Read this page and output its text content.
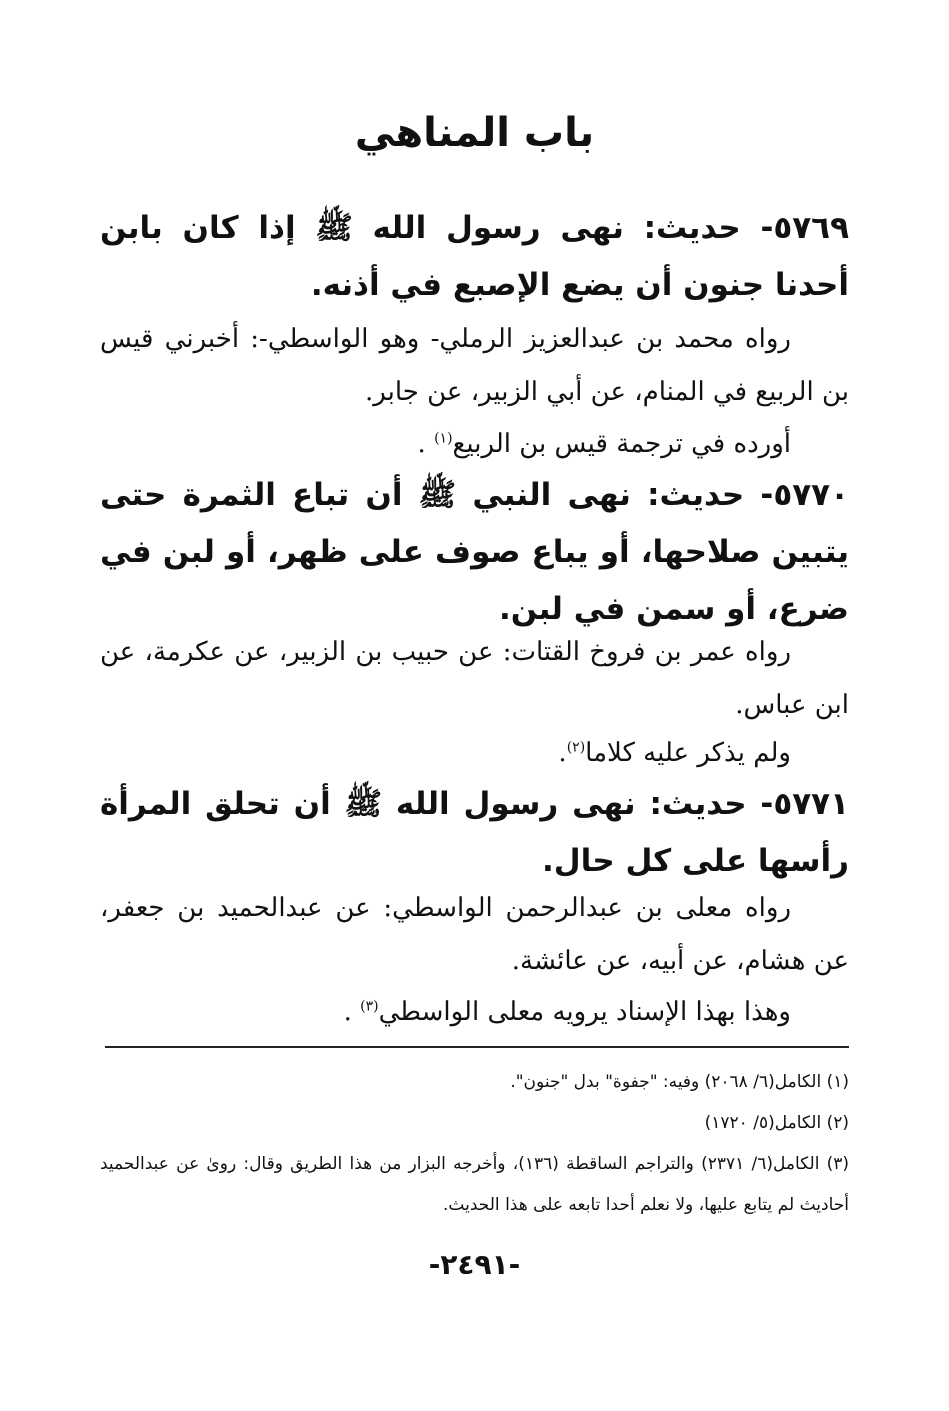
باب المناهي
٥٧٦٩- حديث: نهى رسول الله ﷺ إذا كان بابن أحدنا جنون أن يضع الإصبع في أذنه.
رواه محمد بن عبدالعزيز الرملي- وهو الواسطي-: أخبرني قيس بن الربيع في المنام، عن أبي الزبير، عن جابر.
أورده في ترجمة قيس بن الربيع$^{(١)}$ .
٥٧٧٠- حديث: نهى النبي ﷺ أن تباع الثمرة حتى يتبين صلاحها، أو يباع صوف على ظهر، أو لبن في ضرع، أو سمن في لبن.
رواه عمر بن فروخ القتات: عن حبيب بن الزبير، عن عكرمة، عن ابن عباس.
ولم يذكر عليه كلاما$^{(٢)}$.
٥٧٧١- حديث: نهى رسول الله ﷺ أن تحلق المرأة رأسها على كل حال.
رواه معلى بن عبدالرحمن الواسطي: عن عبدالحميد بن جعفر، عن هشام، عن أبيه، عن عائشة.
وهذا بهذا الإسناد يرويه معلى الواسطي$^{(٣)}$ .
(١) الكامل(٦/ ٢٠٦٨) وفيه: "جفوة" بدل "جنون".
(٢) الكامل(٥/ ١٧٢٠)
(٣) الكامل(٦/ ٢٣٧١) والتراجم الساقطة (١٣٦)، وأخرجه البزار من هذا الطريق وقال: روىٰ عن عبدالحميد أحاديث لم يتابع عليها، ولا نعلم أحدا تابعه على هذا الحديث.
-٢٤٩١-
